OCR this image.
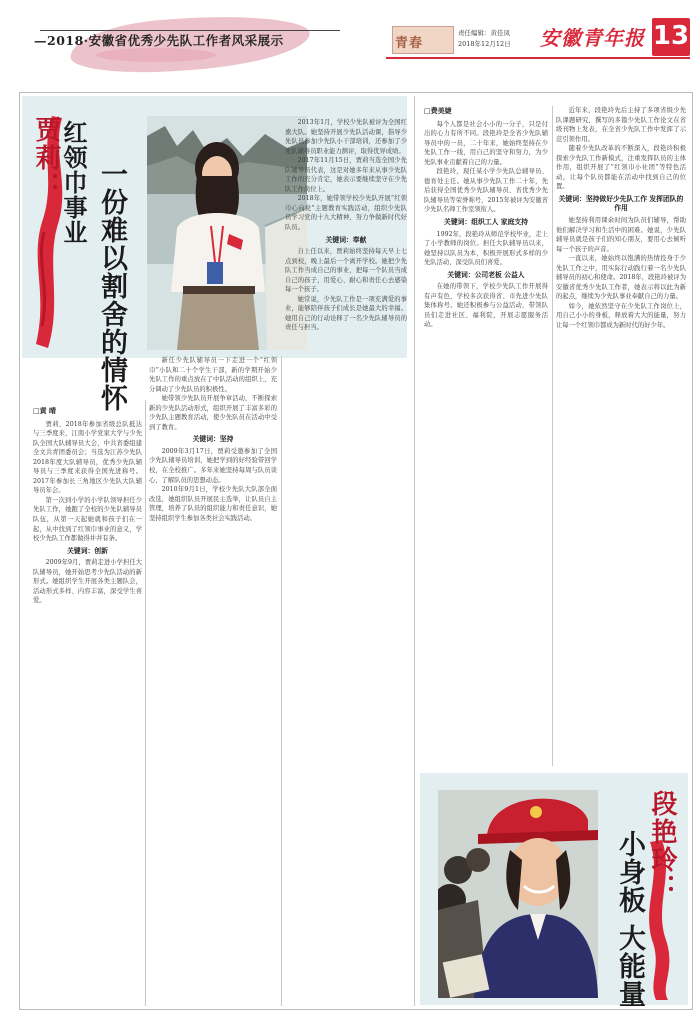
—2018·安徽省优秀少先队工作者风采展示	青春
责任编辑：黄佳凤
2018年12月12日 安徽青年报 13
贾莉：
红领巾事业 一份难以割舍的情怀
□黄 晴

贾莉，2018年参加省级总队抵达与三季度来，江南小学党家大学与少先队全国大队辅导员大会，中共省委组建全文共青团委员会；当选为江苏少先队2018年度大队辅导员，优秀少先队辅导员与三季度来获得全国先进称号。2017年参加长三角地区少先队大队辅导员年会。

第一次到小学的小学队领导担任少先队工作，她跑了全校的少先队辅导员队伍，从第一天起她就和孩子们在一起，从中找到了红领巾事业的意义，学校少先队工作都做得井井有条。

关键词：创新

2009年9月，贾莉走进小学担任大队辅导员，她开始思考少先队活动的新形式。她组织学生开展各类主题队会，活动形式多样、内容丰富，深受学生喜爱。

新任少先队辅导员一下走进一个“红领巾”小队和二十个学生干部，新的学期开始少先队工作的重点放在了中队活动的组织上，充分调动了少先队员的积极性。

她带领少先队员开展争章活动，不断探索新的少先队活动形式，组织开展了丰富多彩的少先队主题教育活动，使少先队员在活动中受到了教育。

关键词：坚持

2009年3月17日，贾莉受邀参加了全国少先队辅导员培训，她把学到的好经验带回学校，在全校推广。多年来她坚持每周与队员谈心，了解队员的思想动态。

2010年9月1日，学校少先队大队部全面改选，她组织队员开展民主选举，让队员自主管理，培养了队员的组织能力和责任意识，她坚持组织学生参加各类社会实践活动。

2013年1月，学校少先队被评为全国红旗大队。她坚持开展少先队活动课，指导少先队员参加少先队小干部培训，还参加了少先队辅导员职业能力测评，取得优异成绩。

2017年11月15日，贾莉当选全国少先队辅导员代表，这是对她多年来从事少先队工作的充分肯定，她表示要继续坚守在少先队工作岗位上。

2018年，她带领学校少先队开展“红领巾心向党”主题教育实践活动，组织少先队员学习党的十九大精神，努力争做新时代好队员。

关键词：奉献

自上任以来，贾莉始终坚持每天早上七点到校，晚上最后一个离开学校。她把少先队工作当成自己的事业，把每一个队员当成自己的孩子，用爱心、耐心和责任心去感染每一个孩子。

她常说，少先队工作是一项充满爱的事业，能够陪伴孩子们成长是她最大的幸福。她用自己的行动诠释了一名少先队辅导员的责任与担当。

□费美婕

每个人都是社会小小的一分子，只是付出的心力有所不同。段艳玲是全省少先队辅导员中的一员，二十年来，她始终坚持在少先队工作一线，用自己的坚守和努力，为少先队事业贡献着自己的力量。

段艳玲，现任某小学少先队总辅导员、德育处主任。她从事少先队工作二十年，先后获得全国优秀少先队辅导员、省优秀少先队辅导员等荣誉称号，2015年被评为安徽省少先队名师工作室领衔人。

关键词：组织工人 家庭支持

1992年，段艳玲从师范学校毕业，走上了小学教师的岗位。担任大队辅导员以来，她坚持以队员为本，积极开展形式多样的少先队活动，深受队员们喜爱。

关键词：公司老板 公益人

在她的带领下，学校少先队工作开展得有声有色，学校多次获得省、市先进少先队集体称号。她还积极参与公益活动，带领队员们走进社区、福利院，开展志愿服务活动。

近年来，段艳玲先后主持了多项省级少先队课题研究，撰写的多篇少先队工作论文在省级刊物上发表，在全省少先队工作中发挥了示范引领作用。

随着少先队改革的不断深入，段艳玲积极探索少先队工作新模式，注重发挥队员的主体作用，组织开展了“红领巾小社团”等特色活动，让每个队员都能在活动中找到自己的位置。

关键词：坚持做好少先队工作 发挥团队的作用

她坚持利用课余时间为队员们辅导，帮助他们解决学习和生活中的困难。她说，少先队辅导员就是孩子们的知心朋友，要用心去倾听每一个孩子的声音。

一直以来，她始终以饱满的热情投身于少先队工作之中，用实际行动践行着一名少先队辅导员的初心和使命。2018年，段艳玲被评为安徽省优秀少先队工作者，她表示将以此为新的起点，继续为少先队事业奉献自己的力量。

如今，她依然坚守在少先队工作岗位上，用自己小小的身板，释放着大大的能量，努力让每一个红领巾都成为新时代的好少年。

段艳玲：
小身板 大能量
